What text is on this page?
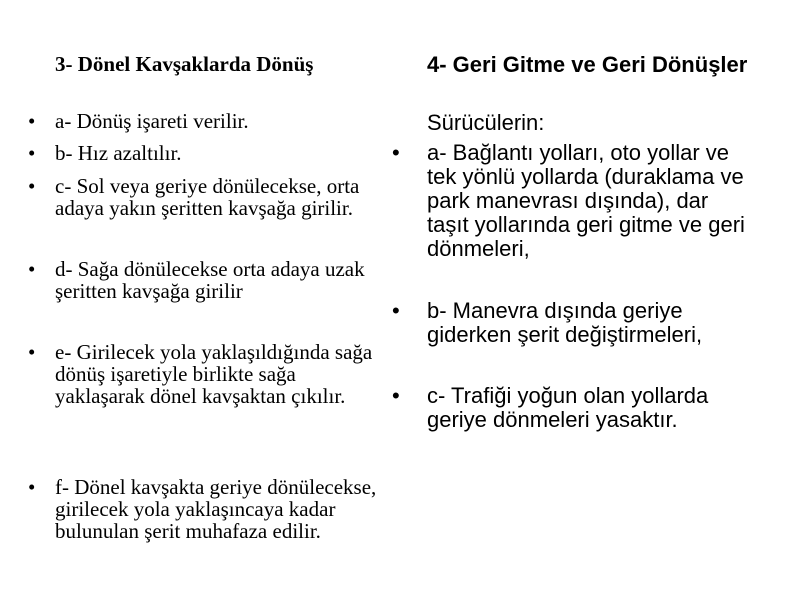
3- Dönel Kavşaklarda Dönüş
• a- Dönüş işareti verilir.
• b- Hız azaltılır.
• c- Sol veya geriye dönülecekse, orta adaya yakın şeritten kavşağa girilir.
• d- Sağa dönülecekse orta adaya uzak şeritten kavşağa girilir
• e- Girilecek yola yaklaşıldığında sağa dönüş işaretiyle birlikte sağa yaklaşarak dönel kavşaktan çıkılır.
• f- Dönel kavşakta geriye dönülecekse, girilecek yola yaklaşıncaya kadar bulunulan şerit muhafaza edilir.
4- Geri Gitme ve Geri Dönüşler
Sürücülerin:
• a- Bağlantı yolları, oto yollar ve tek yönlü yollarda (duraklama ve park manevrası dışında), dar taşıt yollarında geri gitme ve geri dönmeleri,
• b- Manevra dışında geriye giderken şerit değiştirmeleri,
• c- Trafiği yoğun olan yollarda geriye dönmeleri yasaktır.
